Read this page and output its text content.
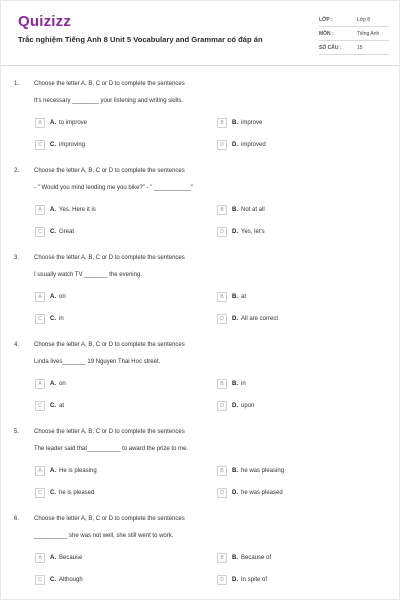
Quizizz
Trắc nghiệm Tiếng Anh 8 Unit 5 Vocabulary and Grammar có đáp án
LỚP :	Lớp 8
MÔN :	Tiếng Anh
SỐ CÂU :	15
1. Choose the letter A, B, C or D to complete the sentences
It's necessary ________ your listening and writing skills.
A	A. to improve	B	B. improve
C	C. improving	D	D. improved
2. Choose the letter A, B, C or D to complete the sentences
- " Would you mind lending me you bike?" - " ___________"
A	A. Yes. Here it is	B	B. Not at all
C	C. Great	D	D. Yes, let's
3. Choose the letter A, B, C or D to complete the sentences
I usually watch TV _______ the evening.
A	A. on	B	B. at
C	C. in	D	D. All are correct
4. Choose the letter A, B, C or D to complete the sentences
Linda lives_______ 19 Nguyen Thai Hoc street.
A	A. on	B	B. in
C	C. at	D	D. upon
5. Choose the letter A, B, C or D to complete the sentences
The leader said that__________ to award the prize to me.
A	A. He is pleasing	B	B. he was pleasing
C	C. he is pleased	D	D. he was pleased
6. Choose the letter A, B, C or D to complete the sentences
__________ she was not well, she still went to work.
A	A. Because	B	B. Because of
C	C. Although	D	D. In spite of
